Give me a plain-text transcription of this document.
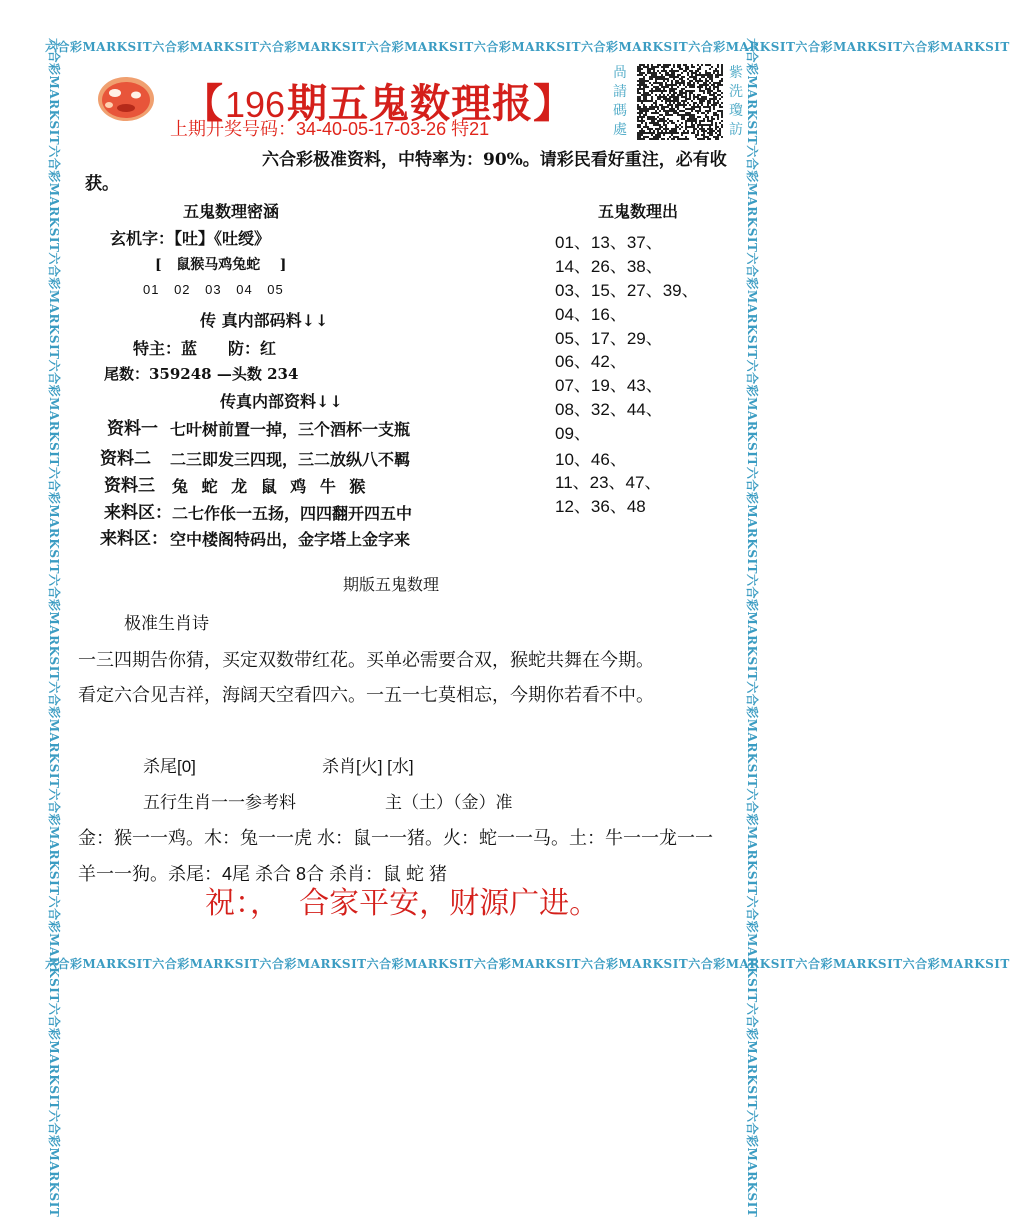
六合彩MARKSIT六合彩MARKSIT六合彩MARKSIT六合彩MARKSIT六合彩MARKSIT六合彩MARKSIT六合彩MARKSIT六合彩MARKSIT六合彩MARKSIT
六合彩MARKSIT六合彩MARKSIT六合彩MARKSIT六合彩MARKSIT六合彩MARKSIT六合彩MARKSIT六合彩MARKSIT六合彩MARKSIT六合彩MARKSIT
六合彩MARKSIT六合彩MARKSIT六合彩MARKSIT六合彩MARKSIT六合彩MARKSIT六合彩MARKSIT六合彩MARKSIT六合彩MARKSIT六合彩MARKSIT六合彩MARKSIT六合彩MARKSIT	六合彩MARKSIT六合彩MARKSIT六合彩MARKSIT六合彩MARKSIT六合彩MARKSIT六合彩MARKSIT六合彩MARKSIT六合彩MARKSIT六合彩MARKSIT六合彩MARKSIT六合彩MARKSIT
【 196 期五鬼数理报 】
咼
請
碼
處
紫
洗
瓊
訪
上期开奖号码：34-40-05-17-03-26 特21
六合彩极准资料，中特率为：90%。请彩民看好重注，必有收
获。
五鬼数理密涵
玄机字：【吐】《吐绶》
[   鼠猴马鸡兔蛇    ]
01 02 03 04 05
传 真内部码料↓↓
特主：蓝 防：红
尾数：359248 —头数 234
传真内部资料↓↓
资料一 七叶树前置一掉，三个酒杯一支瓶
资料二 二三即发三四现，三二放纵八不羁
资料三 兔 蛇 龙 鼠 鸡 牛 猴
来料区： 二七作伥一五扬，四四翻开四五中
来料区： 空中楼阁特码出，金字塔上金字来
五鬼数理出
01、13、37、
14、26、38、
03、15、27、39、
04、16、
05、17、29、
06、42、
07、19、43、
08、32、44、
09、
10、46、
11、23、47、
12、36、48
期版五鬼数理
极准生肖诗
一三四期告你猜，买定双数带红花。买单必需要合双，猴蛇共舞在今期。
看定六合见吉祥，海阔天空看四六。一五一七莫相忘，今期你若看不中。
杀尾[0]	杀肖[火] [水]
五行生肖一一参考料	主（土）（金）准
金：猴一一鸡。木：兔一一虎 水：鼠一一猪。火：蛇一一马。土：牛一一龙一一
羊一一狗。杀尾：4尾 杀合 8合 杀肖：鼠 蛇 猪
祝：，  合家平安，财源广进。
